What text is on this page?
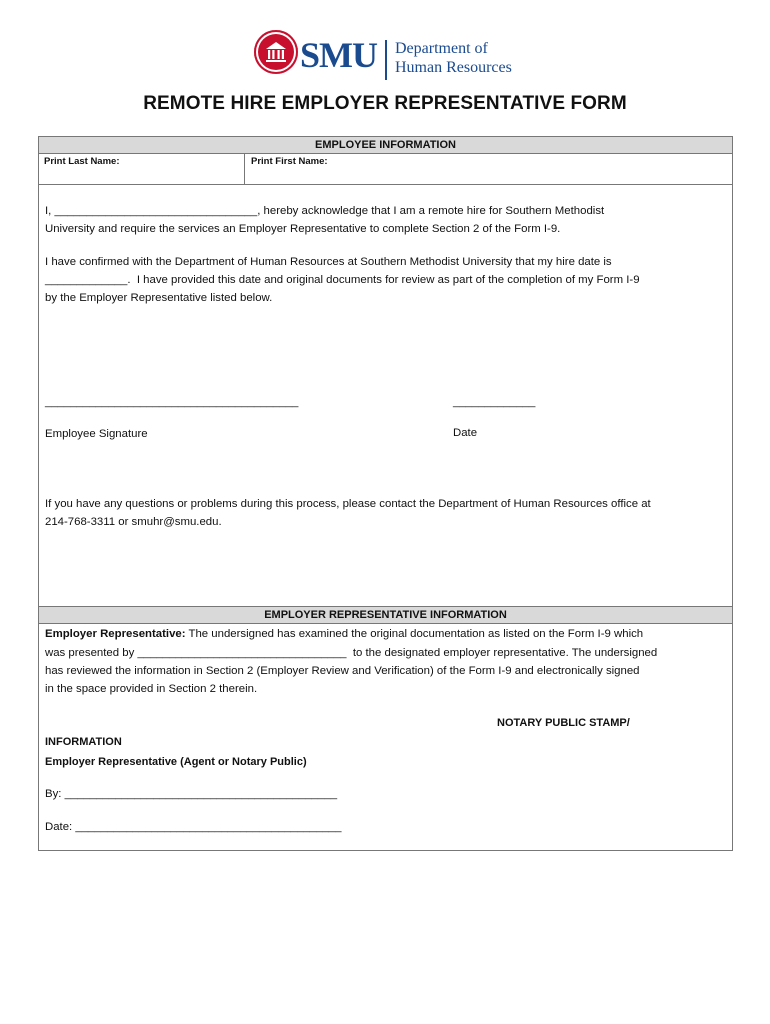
SMU Department of
Human Resources
REMOTE HIRE EMPLOYER REPRESENTATIVE FORM
EMPLOYEE INFORMATION
Print Last Name:	Print First Name:
I, ________________________________, hereby acknowledge that I am a remote hire for Southern Methodist
University and require the services an Employer Representative to complete Section 2 of the Form I-9.
I have confirmed with the Department of Human Resources at Southern Methodist University that my hire date is
_____________.  I have provided this date and original documents for review as part of the completion of my Form I-9
by the Employer Representative listed below.
________________________________________	_____________
Employee Signature	Date
If you have any questions or problems during this process, please contact the Department of Human Resources office at
214-768-3311 or smuhr@smu.edu.
EMPLOYER REPRESENTATIVE INFORMATION
Employer Representative: The undersigned has examined the original documentation as listed on the Form I-9 which
was presented by _________________________________  to the designated employer representative. The undersigned
has reviewed the information in Section 2 (Employer Review and Verification) of the Form I-9 and electronically signed
in the space provided in Section 2 therein.
NOTARY PUBLIC STAMP/
INFORMATION
Employer Representative (Agent or Notary Public)
By: ___________________________________________
Date: __________________________________________
